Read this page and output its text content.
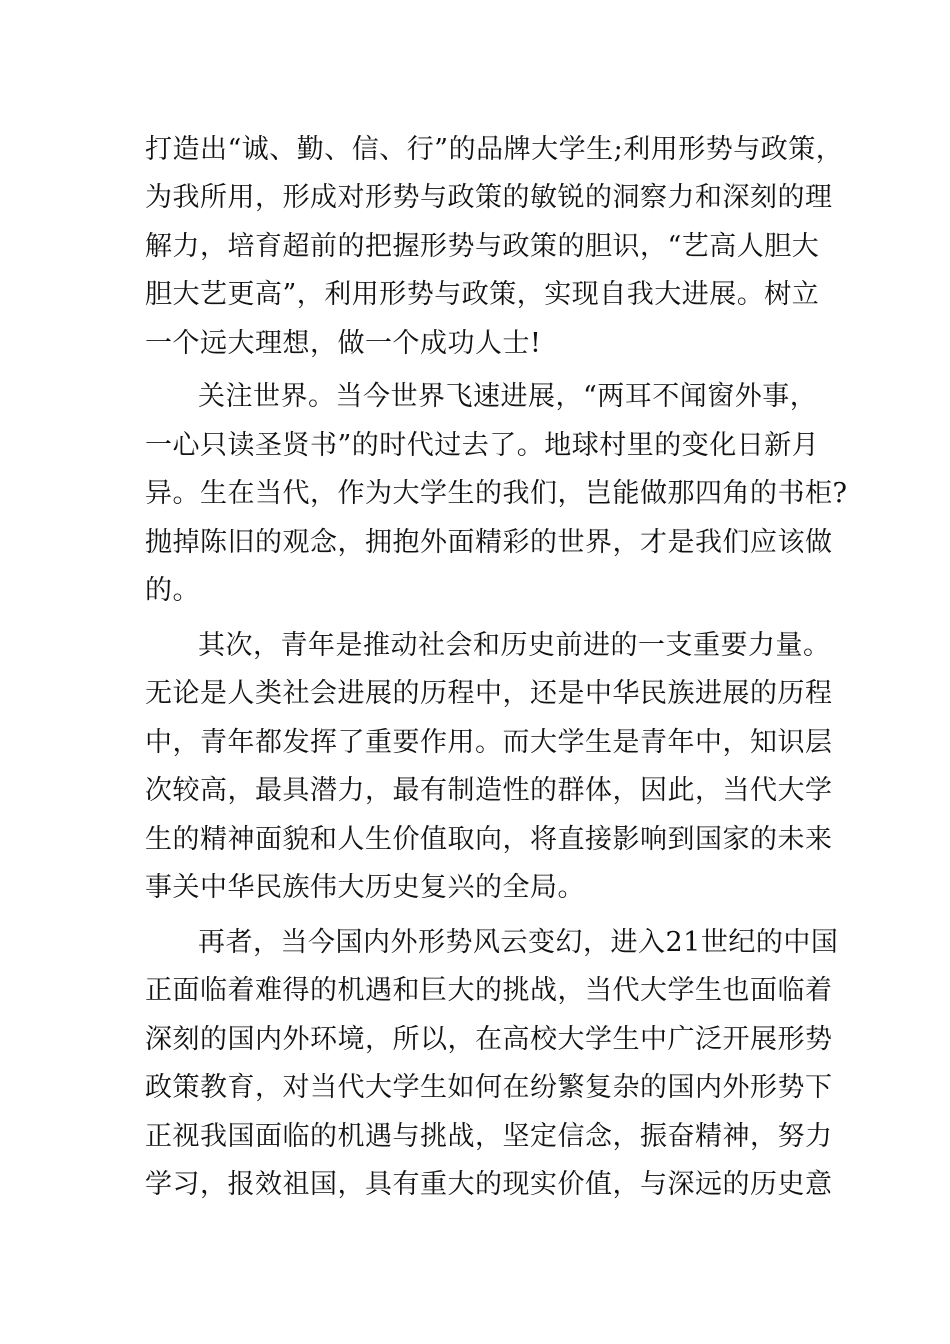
打造出“诚、勤、信、行”的品牌大学生;利用形势与政策，
为我所用，形成对形势与政策的敏锐的洞察力和深刻的理
解力，培育超前的把握形势与政策的胆识，“艺高人胆大
胆大艺更高”，利用形势与政策，实现自我大进展。树立
一个远大理想，做一个成功人士!
关注世界。当今世界飞速进展，“两耳不闻窗外事，
一心只读圣贤书”的时代过去了。地球村里的变化日新月
异。生在当代，作为大学生的我们，岂能做那四角的书柜?
抛掉陈旧的观念，拥抱外面精彩的世界，才是我们应该做
的。
其次，青年是推动社会和历史前进的一支重要力量。
无论是人类社会进展的历程中，还是中华民族进展的历程
中，青年都发挥了重要作用。而大学生是青年中，知识层
次较高，最具潜力，最有制造性的群体，因此，当代大学
生的精神面貌和人生价值取向，将直接影响到国家的未来
事关中华民族伟大历史复兴的全局。
再者，当今国内外形势风云变幻，进入21世纪的中国
正面临着难得的机遇和巨大的挑战，当代大学生也面临着
深刻的国内外环境，所以，在高校大学生中广泛开展形势
政策教育，对当代大学生如何在纷繁复杂的国内外形势下
正视我国面临的机遇与挑战，坚定信念，振奋精神，努力
学习，报效祖国，具有重大的现实价值，与深远的历史意
